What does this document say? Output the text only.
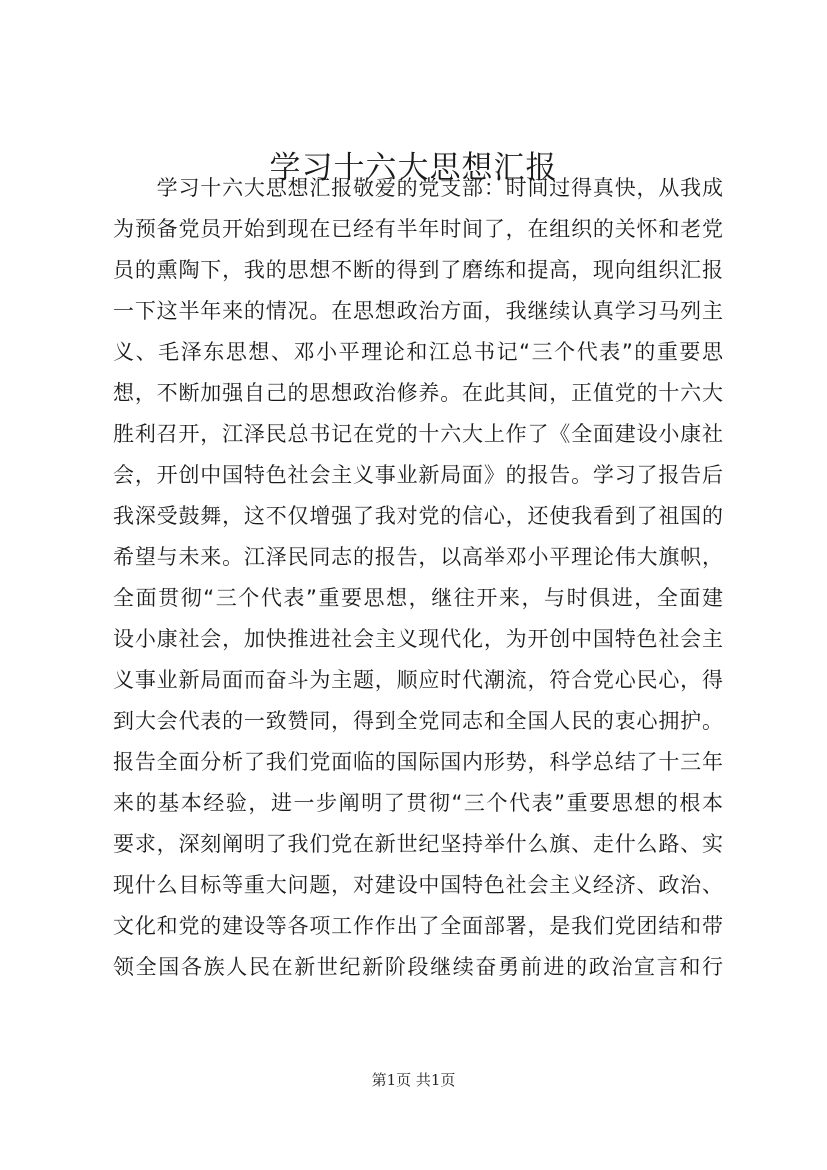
学习十六大思想汇报
　　学习十六大思想汇报敬爱的党支部：时间过得真快，从我成
为预备党员开始到现在已经有半年时间了，在组织的关怀和老党
员的熏陶下，我的思想不断的得到了磨练和提高，现向组织汇报
一下这半年来的情况。在思想政治方面，我继续认真学习马列主
义、毛泽东思想、邓小平理论和江总书记“三个代表”的重要思
想，不断加强自己的思想政治修养。在此其间，正值党的十六大
胜利召开，江泽民总书记在党的十六大上作了《全面建设小康社
会，开创中国特色社会主义事业新局面》的报告。学习了报告后
我深受鼓舞，这不仅增强了我对党的信心，还使我看到了祖国的
希望与未来。江泽民同志的报告，以高举邓小平理论伟大旗帜，
全面贯彻“三个代表”重要思想，继往开来，与时俱进，全面建
设小康社会，加快推进社会主义现代化，为开创中国特色社会主
义事业新局面而奋斗为主题，顺应时代潮流，符合党心民心，得
到大会代表的一致赞同，得到全党同志和全国人民的衷心拥护。
报告全面分析了我们党面临的国际国内形势，科学总结了十三年
来的基本经验，进一步阐明了贯彻“三个代表”重要思想的根本
要求，深刻阐明了我们党在新世纪坚持举什么旗、走什么路、实
现什么目标等重大问题，对建设中国特色社会主义经济、政治、
文化和党的建设等各项工作作出了全面部署，是我们党团结和带
领全国各族人民在新世纪新阶段继续奋勇前进的政治宣言和行
第1页 共1页
